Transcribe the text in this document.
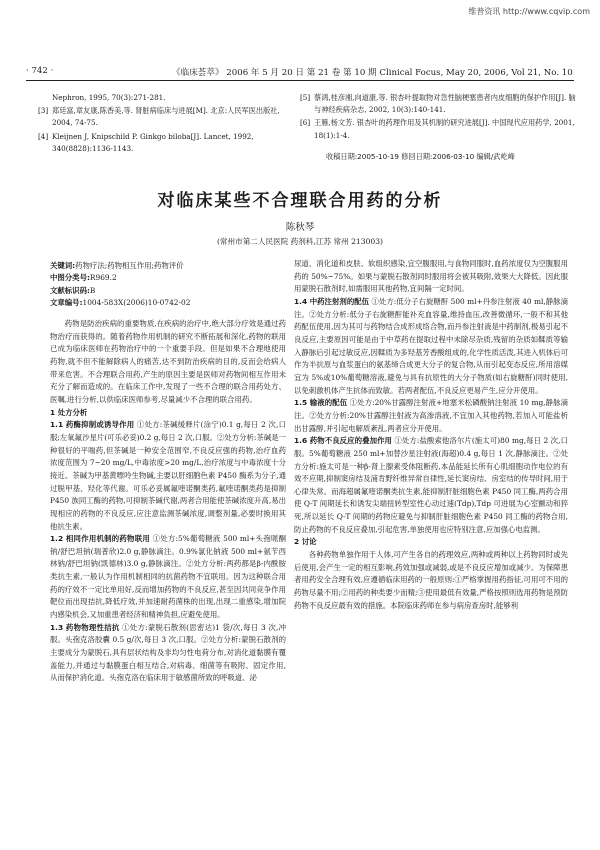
维普资讯 http://www.cqvip.com
· 742 ·	《临床荟萃》 2006 年 5 月 20 日 第 21 卷 第 10 期 Clinical Focus, May 20, 2006, Vol 21, No. 10
Nephron, 1995, 70(3):271-281.
[3] 郑廷富,章友康,陈香美,等. 肾脏病临床与进展[M]. 北京:人民军医出版社, 2004, 74-75.
[4] Kleijnen J, Knipschild P. Ginkgo biloba[J]. Lancet, 1992, 340(8828):1136-1143.
[5] 蔡鸿,桂彦湘,向道康,等. 银杏叶提取物对急性脑梗塞患者内皮细胞的保护作用[J]. 脑与神经疾病杂志, 2002, 10(3):140-141.
[6] 王雁,杨文芳. 银杏叶的药理作用及其机制的研究进展[J]. 中国现代应用药学, 2001, 18(1):1-4.
收稿日期:2005-10-19 修回日期:2006-03-10 编辑/武屹峰
对临床某些不合理联合用药的分析
陈秋琴
(常州市第二人民医院 药剂科,江苏 常州 213003)
关键词:药物疗法;药物相互作用;药物评价
中图分类号:R969.2
文献标识码:B
文章编号:1004-583X(2006)10-0742-02

药物是防治疾病的重要物质,在疾病的治疗中,绝大部分疗效是通过药物治疗而获得的。随着药物作用机制的研究不断拓展和深化,药物的联用已成为临床医师在药物治疗中的一个重要手段。但是如果不合理地使用药物,就不但不能解除病人的痛苦,达不到防治疾病的目的,反而会给病人带来危害。不合理联合用药,产生的原因主要是医师对药物间相互作用未充分了解而造成的。在临床工作中,发现了一些不合理的联合用药处方、医嘱,进行分析,以供临床医师参考,尽量减少不合理的联合用药。

1 处方分析

1.1 药酶抑制或诱导作用 ①处方:茶碱缓释片(涂宁)0.1 g,每日 2 次,口服;左氧氟沙星片(可乐必妥)0.2 g,每日 2 次,口服。②处方分析:茶碱是一种很好的平喘药,但茶碱是一种安全范围窄,不良反应强的药物,治疗血药浓度范围为 7~20 mg/L,中毒浓度>20 mg/L,治疗浓度与中毒浓度十分接近。茶碱为甲基黄嘌呤生物碱,主要以肝细胞色素 P450 酶系为分子,通过脱甲基、羟化等代谢。可乐必妥属氟喹诺酮类药,氟喹诺酮类药是抑制 P450 族同工酶的药物,可抑制茶碱代谢,两者合用能使茶碱浓度升高,易出现相应的药物的不良反应,应注意监测茶碱浓度,调整剂量,必要时换用其他抗生素。

1.2 相同作用机制的药物联用 ①处方:5%葡萄糖液 500 ml+头孢哌酮钠/舒巴坦钠(瑞普欣)2.0 g,静脉滴注。0.9%氯化钠液 500 ml+氨苄西林钠/舒巴坦钠(凯德林)3.0 g,静脉滴注。②处方分析:两药都是β-内酰胺类抗生素,一般认为作用机制相同的抗菌药物不宜联用。因为这种联合用药的疗效不一定比单用好,反而增加药物的不良反应,甚至因共同竞争作用靶位而出现拮抗,降低疗效,并加速耐药菌株的出现,出现二重感染,增加院内感染机会,又加重患者经济和精神负担,应避免使用。

1.3 药物物理性拮抗 ①处方:蒙脱石散剂(思密达)1 袋/次,每日 3 次,冲服。头孢克洛胶囊 0.5 g/次,每日 3 次,口服。②处方分析:蒙脱石散剂的主要成分为蒙脱石,具有层状结构及非均匀性电荷分布,对消化道黏膜有覆盖能力,并通过与黏膜蛋白相互结合,对病毒、细菌等有吸附、固定作用,从而保护消化道。头孢克洛在临床用于敏感菌所致的呼吸道、泌

尿道、消化道和皮肤、软组织感染,宜空腹服用,与食物同服时,血药浓度仅为空腹服用药的 50%~75%。如果与蒙脱石散剂同时服用将会被其吸附,效果大大降低。因此服用蒙脱石散剂时,如需服用其他药物,宜间隔一定时间。

1.4 中药注射剂的配伍 ①处方:低分子右旋糖酐 500 ml+丹参注射液 40 ml,静脉滴注。②处方分析:低分子右旋糖酐能补充血容量,维持血压,改善微循环,一般不和其他药配伍使用,因为其可与药物结合成形成络合物,而丹参注射液是中药制剂,极易引起不良反应,主要原因可能是由于中草药在提取过程中未除尽杂质,残留的杂质如鞣质等输入静脉后引起过敏反应,因鞣质为多羟基芳香酸组成的,化学性质活泼,其进入机体后可作为半抗原与血浆蛋白的氨基缔合成更大分子的复合物,从而引起变态反应,所用溶媒宜为 5%或10%葡萄糖溶液,避免与具有抗原性的大分子物质(如右旋糖酐)同时使用,以免刺激机体产生抗体而致敏。若两者配伍,不良反应更易产生,应分开使用。

1.5 输液的配伍 ①处方:20%甘露醇注射液+地塞米松磷酸钠注射液 10 mg,静脉滴注。②处方分析:20%甘露醇注射液为高渗溶液,不宜加入其他药物,若加入可能盐析出甘露醇,并引起电解质紊乱,两者应分开使用。

1.6 药物不良反应的叠加作用 ①处方:盐酸索他洛尔片(施太可)80 mg,每日 2 次,口服。5%葡萄糖液 250 ml+加替沙星注射液(海超)0.4 g,每日 1 次,静脉滴注。②处方分析:施太可是一种β-肾上腺素受体阻断药,本品能延长所有心肌细胞动作电位的有效不应期,抑制窦房结及浦肯野纤维异常自律性,延长窦房结、房室结的传导时间,用于心律失常。而海超属氟喹诺酮类抗生素,能抑制肝脏细胞色素 P450 同工酶,两药合用使 Q-T 间期延长和诱发尖端扭转型室性心动过速(Tdp),Tdp 可进展为心室颤动和猝死,所以延长 Q-T 间期的药物应避免与抑制肝脏细胞色素 P450 同工酶的药物合用,防止药物的不良反应叠加,引起危害,单独使用也应特别注意,应加强心电监测。

2 讨论

各种药物单独作用于人体,可产生各自的药理效应,两种或两种以上药物同时或先后使用,会产生一定的相互影响,药效加强或减弱,或是不良反应增加或减少。为保障患者用药安全合理有效,应遵循临床用药的一般原则:①严格掌握用药指征,可用可不用的药物尽量不用;②用药的种类要少而精;③使用最低有效量,严格按照则选用药物是预防药物不良反应最有效的措施。本院临床药师在参与病房查房时,能够利
